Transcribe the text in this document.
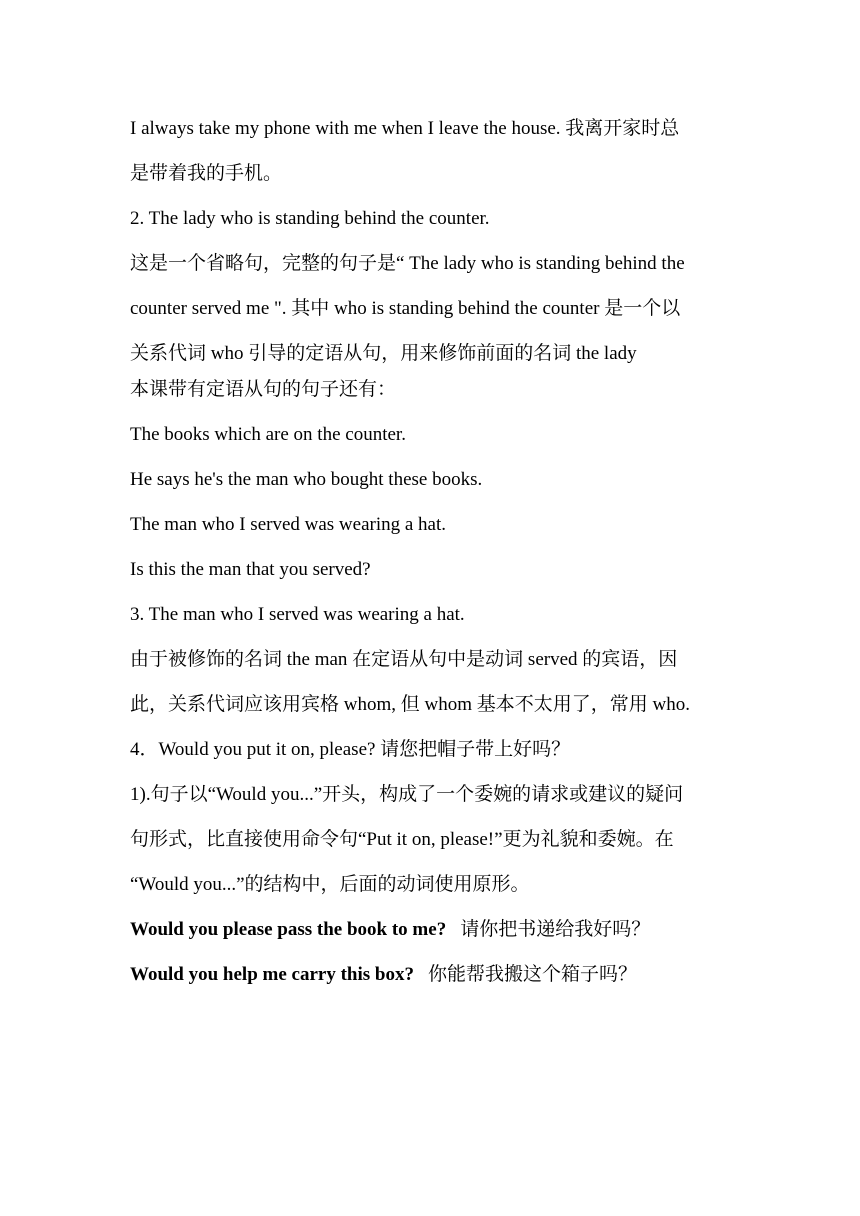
I always take my phone with me when I leave the house. 我离开家时总
是带着我的手机。
2. The lady who is standing behind the counter.
这是一个省略句，完整的句子是“ The lady who is standing behind the
counter served me ". 其中 who is standing behind the counter 是一个以
关系代词 who 引导的定语从句，用来修饰前面的名词 the lady
本课带有定语从句的句子还有：
The books which are on the counter.
He says he's the man who bought these books.
The man who I served was wearing a hat.
Is this the man that you served?
3. The man who I served was wearing a hat.
由于被修饰的名词 the man 在定语从句中是动词 served 的宾语，因
此，关系代词应该用宾格 whom, 但 whom 基本不太用了，常用 who.
4．Would you put it on, please? 请您把帽子带上好吗？
1).句子以“Would you...”开头，构成了一个委婉的请求或建议的疑问
句形式，比直接使用命令句“Put it on, please!”更为礼貌和委婉。在
“Would you...”的结构中，后面的动词使用原形。
Would you please pass the book to me? 请你把书递给我好吗？
Would you help me carry this box? 你能帮我搬这个箱子吗？
